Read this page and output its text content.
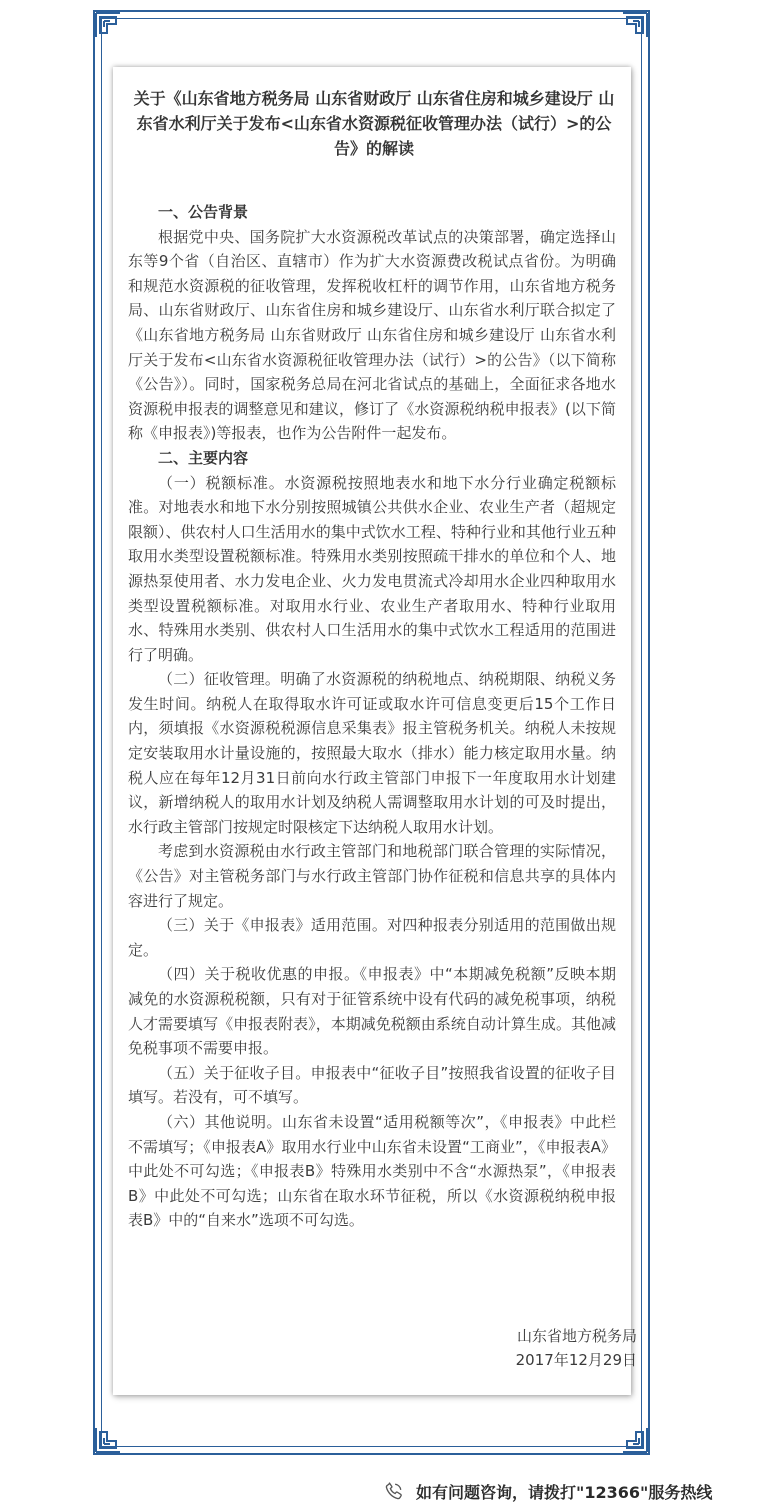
关于《山东省地方税务局 山东省财政厅 山东省住房和城乡建设厅 山东省水利厅关于发布<山东省水资源税征收管理办法（试行）>的公告》的解读

一、公告背景

根据党中央、国务院扩大水资源税改革试点的决策部署，确定选择山东等9个省（自治区、直辖市）作为扩大水资源费改税试点省份。为明确和规范水资源税的征收管理，发挥税收杠杆的调节作用，山东省地方税务局、山东省财政厅、山东省住房和城乡建设厅、山东省水利厅联合拟定了《山东省地方税务局 山东省财政厅 山东省住房和城乡建设厅 山东省水利厅关于发布<山东省水资源税征收管理办法（试行）>的公告》（以下简称《公告》）。同时，国家税务总局在河北省试点的基础上，全面征求各地水资源税申报表的调整意见和建议，修订了《水资源税纳税申报表》(以下简称《申报表》)等报表，也作为公告附件一起发布。

二、主要内容

（一）税额标准。水资源税按照地表水和地下水分行业确定税额标准。对地表水和地下水分别按照城镇公共供水企业、农业生产者（超规定限额）、供农村人口生活用水的集中式饮水工程、特种行业和其他行业五种取用水类型设置税额标准。特殊用水类别按照疏干排水的单位和个人、地源热泵使用者、水力发电企业、火力发电贯流式冷却用水企业四种取用水类型设置税额标准。对取用水行业、农业生产者取用水、特种行业取用水、特殊用水类别、供农村人口生活用水的集中式饮水工程适用的范围进行了明确。

（二）征收管理。明确了水资源税的纳税地点、纳税期限、纳税义务发生时间。纳税人在取得取水许可证或取水许可信息变更后15个工作日内，须填报《水资源税税源信息采集表》报主管税务机关。纳税人未按规定安装取用水计量设施的，按照最大取水（排水）能力核定取用水量。纳税人应在每年12月31日前向水行政主管部门申报下一年度取用水计划建议，新增纳税人的取用水计划及纳税人需调整取用水计划的可及时提出，水行政主管部门按规定时限核定下达纳税人取用水计划。

考虑到水资源税由水行政主管部门和地税部门联合管理的实际情况，《公告》对主管税务部门与水行政主管部门协作征税和信息共享的具体内容进行了规定。

（三）关于《申报表》适用范围。对四种报表分别适用的范围做出规定。

（四）关于税收优惠的申报。《申报表》中“本期减免税额”反映本期减免的水资源税税额，只有对于征管系统中设有代码的减免税事项，纳税人才需要填写《申报表附表》，本期减免税额由系统自动计算生成。其他减免税事项不需要申报。

（五）关于征收子目。申报表中“征收子目”按照我省设置的征收子目填写。若没有，可不填写。

（六）其他说明。山东省未设置“适用税额等次”，《申报表》中此栏不需填写；《申报表A》取用水行业中山东省未设置“工商业”，《申报表A》中此处不可勾选；《申报表B》特殊用水类别中不含“水源热泵”，《申报表B》中此处不可勾选；山东省在取水环节征税，所以《水资源税纳税申报表B》中的“自来水”选项不可勾选。

山东省地方税务局
2017年12月29日
如有问题咨询，请拨打"12366"服务热线
